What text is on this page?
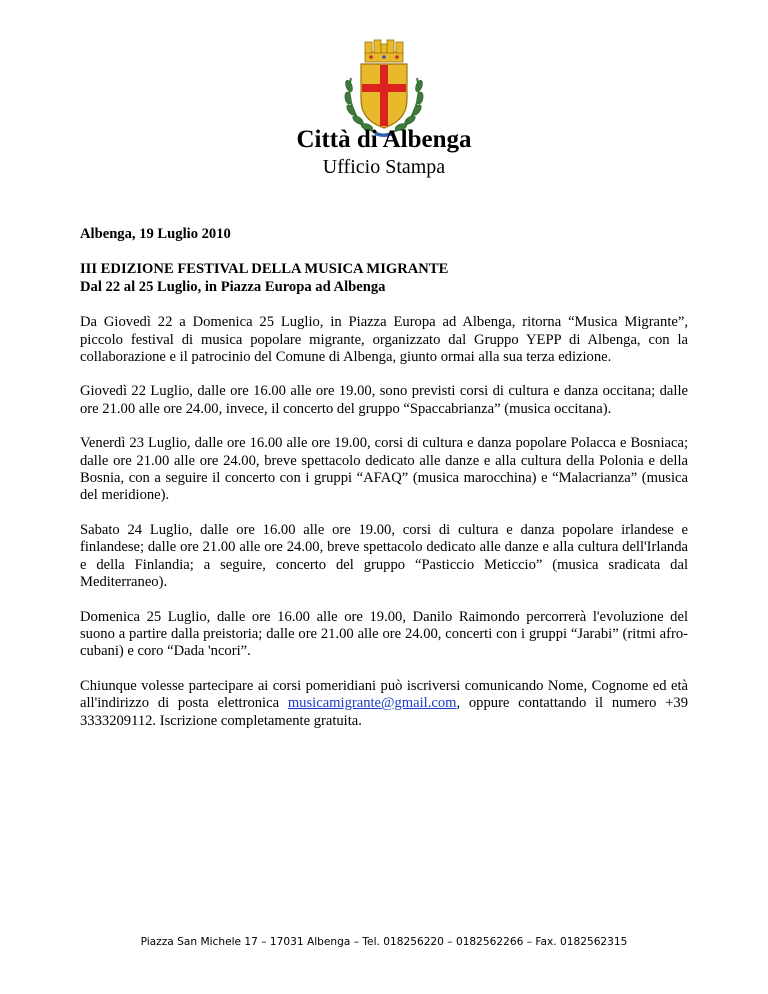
Città di Albenga
Ufficio Stampa

Albenga, 19 Luglio 2010

III EDIZIONE FESTIVAL DELLA MUSICA MIGRANTE

Dal 22 al 25 Luglio, in Piazza Europa ad Albenga

Da Giovedì 22 a Domenica 25 Luglio, in Piazza Europa ad Albenga, ritorna “Musica Migrante”, piccolo festival di musica popolare migrante, organizzato dal Gruppo YEPP di Albenga, con la collaborazione e il patrocinio del Comune di Albenga, giunto ormai alla sua terza edizione.

Giovedì 22 Luglio, dalle ore 16.00 alle ore 19.00, sono previsti corsi di cultura e danza occitana; dalle ore 21.00 alle ore 24.00, invece, il concerto del gruppo “Spaccabrianza” (musica occitana).

Venerdì 23 Luglio, dalle ore 16.00 alle ore 19.00, corsi di cultura e danza popolare Polacca e Bosniaca; dalle ore 21.00 alle ore 24.00, breve spettacolo dedicato alle danze e alla cultura della Polonia e della Bosnia, con a seguire il concerto con i gruppi “AFAQ” (musica marocchina) e “Malacrianza” (musica del meridione).

Sabato 24 Luglio, dalle ore 16.00 alle ore 19.00, corsi di cultura e danza popolare irlandese e finlandese; dalle ore 21.00 alle ore 24.00, breve spettacolo dedicato alle danze e alla cultura dell'Irlanda e della Finlandia; a seguire, concerto del gruppo “Pasticcio Meticcio” (musica sradicata dal Mediterraneo).

Domenica 25 Luglio, dalle ore 16.00 alle ore 19.00, Danilo Raimondo percorrerà l'evoluzione del suono a partire dalla preistoria; dalle ore 21.00 alle ore 24.00, concerti con i gruppi “Jarabi” (ritmi afro-cubani) e coro “Dada 'ncori”.

Chiunque volesse partecipare ai corsi pomeridiani può iscriversi comunicando Nome, Cognome ed età all'indirizzo di posta elettronica musicamigrante@gmail.com, oppure contattando il numero +39 3333209112. Iscrizione completamente gratuita.

Piazza San Michele 17 – 17031 Albenga – Tel. 018256220 – 0182562266 – Fax. 0182562315
